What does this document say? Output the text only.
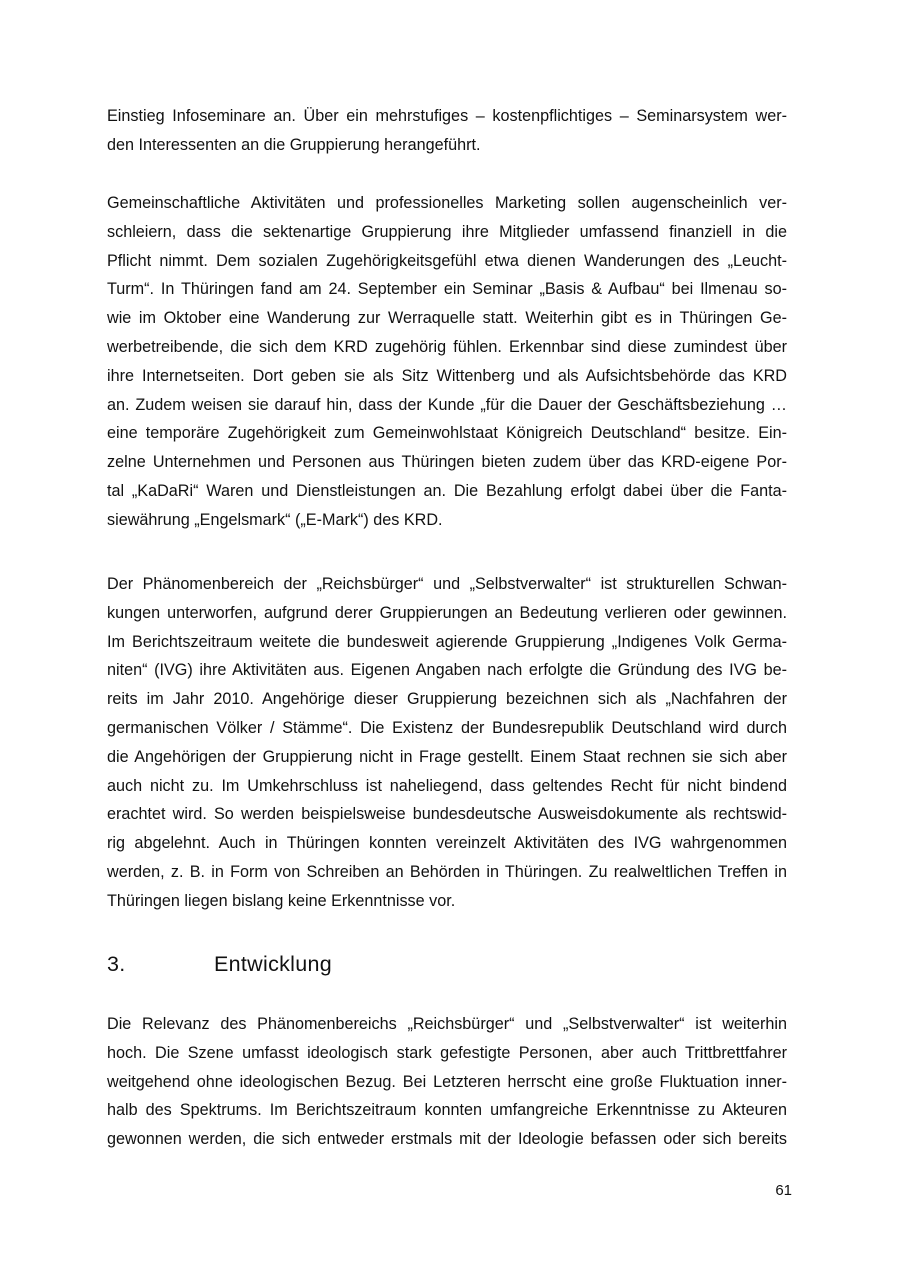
Einstieg Infoseminare an. Über ein mehrstufiges – kostenpflichtiges – Seminarsystem wer-
den Interessenten an die Gruppierung herangeführt.
Gemeinschaftliche Aktivitäten und professionelles Marketing sollen augenscheinlich ver-
schleiern, dass die sektenartige Gruppierung ihre Mitglieder umfassend finanziell in die
Pflicht nimmt. Dem sozialen Zugehörigkeitsgefühl etwa dienen Wanderungen des „Leucht-
Turm“. In Thüringen fand am 24. September ein Seminar „Basis & Aufbau“ bei Ilmenau so-
wie im Oktober eine Wanderung zur Werraquelle statt. Weiterhin gibt es in Thüringen Ge-
werbetreibende, die sich dem KRD zugehörig fühlen. Erkennbar sind diese zumindest über
ihre Internetseiten. Dort geben sie als Sitz Wittenberg und als Aufsichtsbehörde das KRD
an. Zudem weisen sie darauf hin, dass der Kunde „für die Dauer der Geschäftsbeziehung …
eine temporäre Zugehörigkeit zum Gemeinwohlstaat Königreich Deutschland“ besitze. Ein-
zelne Unternehmen und Personen aus Thüringen bieten zudem über das KRD-eigene Por-
tal „KaDaRi“ Waren und Dienstleistungen an. Die Bezahlung erfolgt dabei über die Fanta-
siewährung „Engelsmark“ („E-Mark“) des KRD.
Der Phänomenbereich der „Reichsbürger“ und „Selbstverwalter“ ist strukturellen Schwan-
kungen unterworfen, aufgrund derer Gruppierungen an Bedeutung verlieren oder gewinnen.
Im Berichtszeitraum weitete die bundesweit agierende Gruppierung „Indigenes Volk Germa-
niten“ (IVG) ihre Aktivitäten aus. Eigenen Angaben nach erfolgte die Gründung des IVG be-
reits im Jahr 2010. Angehörige dieser Gruppierung bezeichnen sich als „Nachfahren der
germanischen Völker / Stämme“. Die Existenz der Bundesrepublik Deutschland wird durch
die Angehörigen der Gruppierung nicht in Frage gestellt. Einem Staat rechnen sie sich aber
auch nicht zu. Im Umkehrschluss ist naheliegend, dass geltendes Recht für nicht bindend
erachtet wird. So werden beispielsweise bundesdeutsche Ausweisdokumente als rechtswid-
rig abgelehnt. Auch in Thüringen konnten vereinzelt Aktivitäten des IVG wahrgenommen
werden, z. B. in Form von Schreiben an Behörden in Thüringen. Zu realweltlichen Treffen in
Thüringen liegen bislang keine Erkenntnisse vor.
3.	Entwicklung
Die Relevanz des Phänomenbereichs „Reichsbürger“ und „Selbstverwalter“ ist weiterhin
hoch. Die Szene umfasst ideologisch stark gefestigte Personen, aber auch Trittbrettfahrer
weitgehend ohne ideologischen Bezug. Bei Letzteren herrscht eine große Fluktuation inner-
halb des Spektrums. Im Berichtszeitraum konnten umfangreiche Erkenntnisse zu Akteuren
gewonnen werden, die sich entweder erstmals mit der Ideologie befassen oder sich bereits
61
